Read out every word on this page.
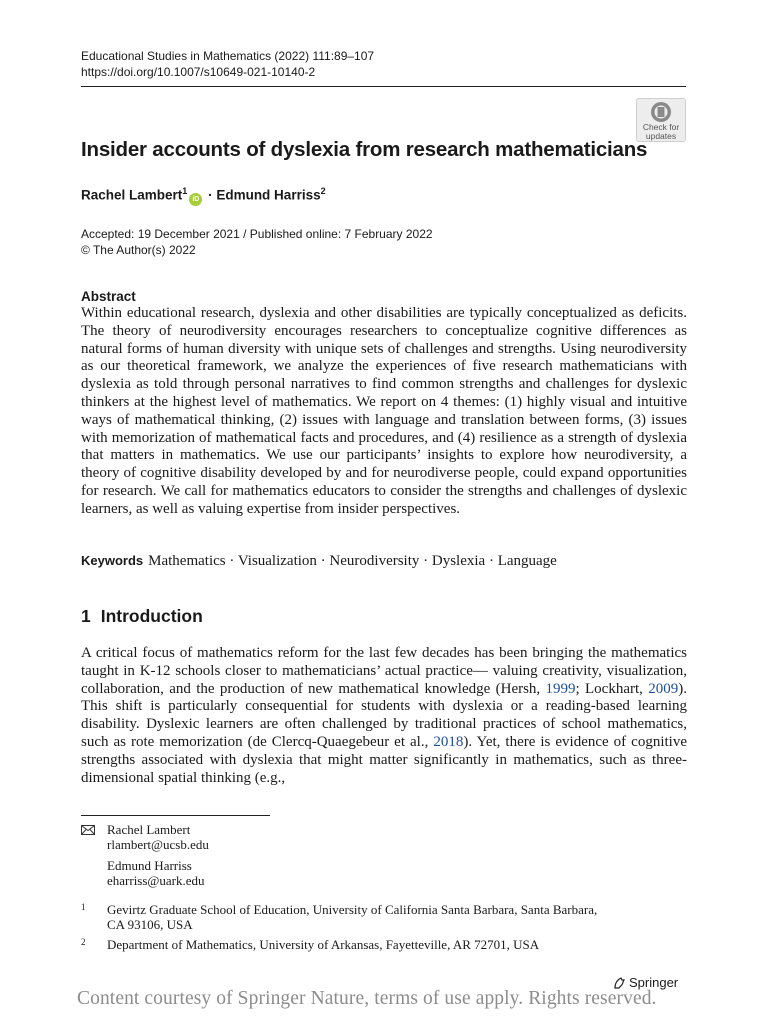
Educational Studies in Mathematics (2022) 111:89–107
https://doi.org/10.1007/s10649-021-10140-2
Check for
updates
Insider accounts of dyslexia from research mathematicians
Rachel Lambert$^1$iD · Edmund Harriss$^2$
Accepted: 19 December 2021 / Published online: 7 February 2022
© The Author(s) 2022
Abstract

Within educational research, dyslexia and other disabilities are typically conceptualized as deficits. The theory of neurodiversity encourages researchers to conceptualize cognitive differences as natural forms of human diversity with unique sets of challenges and strengths. Using neurodiversity as our theoretical framework, we analyze the experiences of five research mathematicians with dyslexia as told through personal narratives to find common strengths and challenges for dyslexic thinkers at the highest level of mathematics. We report on 4 themes: (1) highly visual and intuitive ways of mathematical thinking, (2) issues with language and translation between forms, (3) issues with memorization of mathematical facts and procedures, and (4) resilience as a strength of dyslexia that matters in mathematics. We use our participants’ insights to explore how neurodiversity, a theory of cognitive disability developed by and for neurodiverse people, could expand opportunities for research. We call for mathematics educators to consider the strengths and challenges of dyslexic learners, as well as valuing expertise from insider perspectives.

Keywords Mathematics · Visualization · Neurodiversity · Dyslexia · Language
1 Introduction

A critical focus of mathematics reform for the last few decades has been bringing the mathematics taught in K-12 schools closer to mathematicians’ actual practice— valuing creativity, visualization, collaboration, and the production of new mathematical knowledge (Hersh, 1999; Lockhart, 2009). This shift is particularly consequential for students with dyslexia or a reading-based learning disability. Dyslexic learners are often challenged by traditional practices of school mathematics, such as rote memorization (de Clercq-Quaegebeur et al., 2018). Yet, there is evidence of cognitive strengths associated with dyslexia that might matter significantly in mathematics, such as three-dimensional spatial thinking (e.g.,

Rachel Lambert
rlambert@ucsb.edu
Edmund Harriss
eharriss@uark.edu
1 Gevirtz Graduate School of Education, University of California Santa Barbara, Santa Barbara,
CA 93106, USA
2 Department of Mathematics, University of Arkansas, Fayetteville, AR 72701, USA
Springer
Content courtesy of Springer Nature, terms of use apply. Rights reserved.
